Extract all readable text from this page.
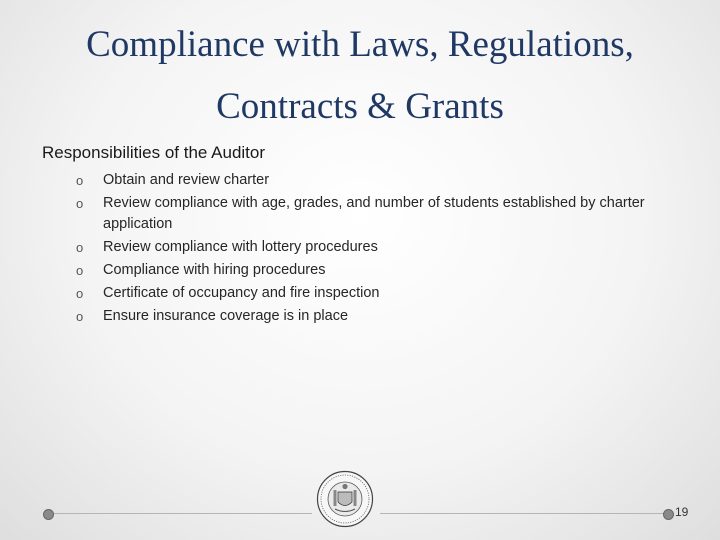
Compliance with Laws, Regulations,
Contracts & Grants
Responsibilities of the Auditor
o Obtain and review charter
o Review compliance with age, grades, and number of students established by charter application
o Review compliance with lottery procedures
o Compliance with hiring procedures
o Certificate of occupancy and fire inspection
o Ensure insurance coverage is in place
19
